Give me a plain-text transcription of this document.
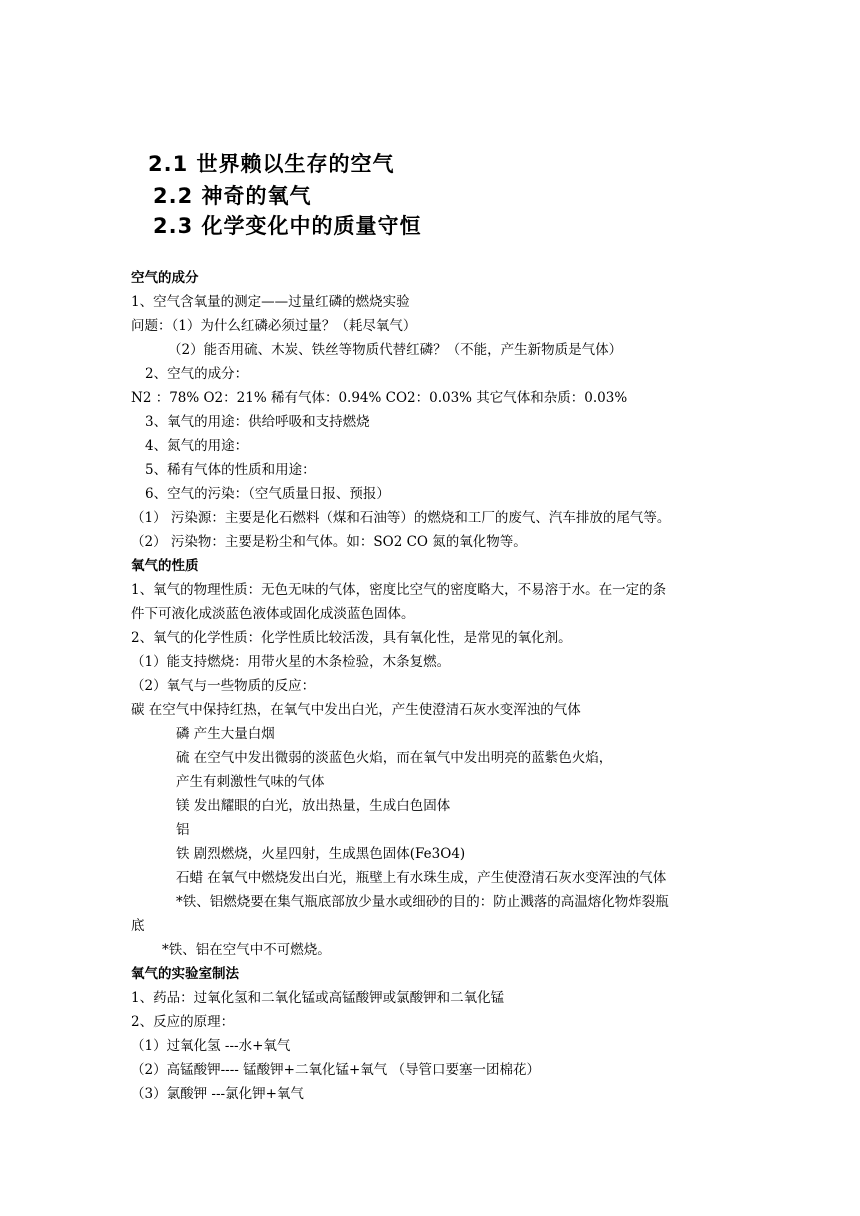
2.1 世界赖以生存的空气
2.2 神奇的氧气
2.3 化学变化中的质量守恒
空气的成分
1、空气含氧量的测定——过量红磷的燃烧实验
问题：（1）为什么红磷必须过量？（耗尽氧气）
（2）能否用硫、木炭、铁丝等物质代替红磷？（不能，产生新物质是气体）
2、空气的成分：
N2 ：78% O2：21% 稀有气体：0.94% CO2：0.03% 其它气体和杂质：0.03%
3、氧气的用途：供给呼吸和支持燃烧
4、氮气的用途：
5、稀有气体的性质和用途：
6、空气的污染：（空气质量日报、预报）
（1） 污染源：主要是化石燃料（煤和石油等）的燃烧和工厂的废气、汽车排放的尾气等。
（2） 污染物：主要是粉尘和气体。如：SO2 CO 氮的氧化物等。
氧气的性质
1、氧气的物理性质：无色无味的气体，密度比空气的密度略大，不易溶于水。在一定的条
件下可液化成淡蓝色液体或固化成淡蓝色固体。
2、氧气的化学性质：化学性质比较活泼，具有氧化性，是常见的氧化剂。
（1）能支持燃烧：用带火星的木条检验，木条复燃。
（2）氧气与一些物质的反应：
碳 在空气中保持红热，在氧气中发出白光，产生使澄清石灰水变浑浊的气体
磷 产生大量白烟
硫 在空气中发出微弱的淡蓝色火焰，而在氧气中发出明亮的蓝紫色火焰，
产生有刺激性气味的气体
镁 发出耀眼的白光，放出热量，生成白色固体
铝
铁 剧烈燃烧，火星四射，生成黑色固体(Fe3O4)
石蜡 在氧气中燃烧发出白光，瓶壁上有水珠生成，产生使澄清石灰水变浑浊的气体
*铁、铝燃烧要在集气瓶底部放少量水或细砂的目的：防止溅落的高温熔化物炸裂瓶
底
*铁、铝在空气中不可燃烧。
氧气的实验室制法
1、药品：过氧化氢和二氧化锰或高锰酸钾或氯酸钾和二氧化锰
2、反应的原理：
（1）过氧化氢 ---水+氧气
（2）高锰酸钾---- 锰酸钾+二氧化锰+氧气 （导管口要塞一团棉花）
（3）氯酸钾 ---氯化钾+氧气
